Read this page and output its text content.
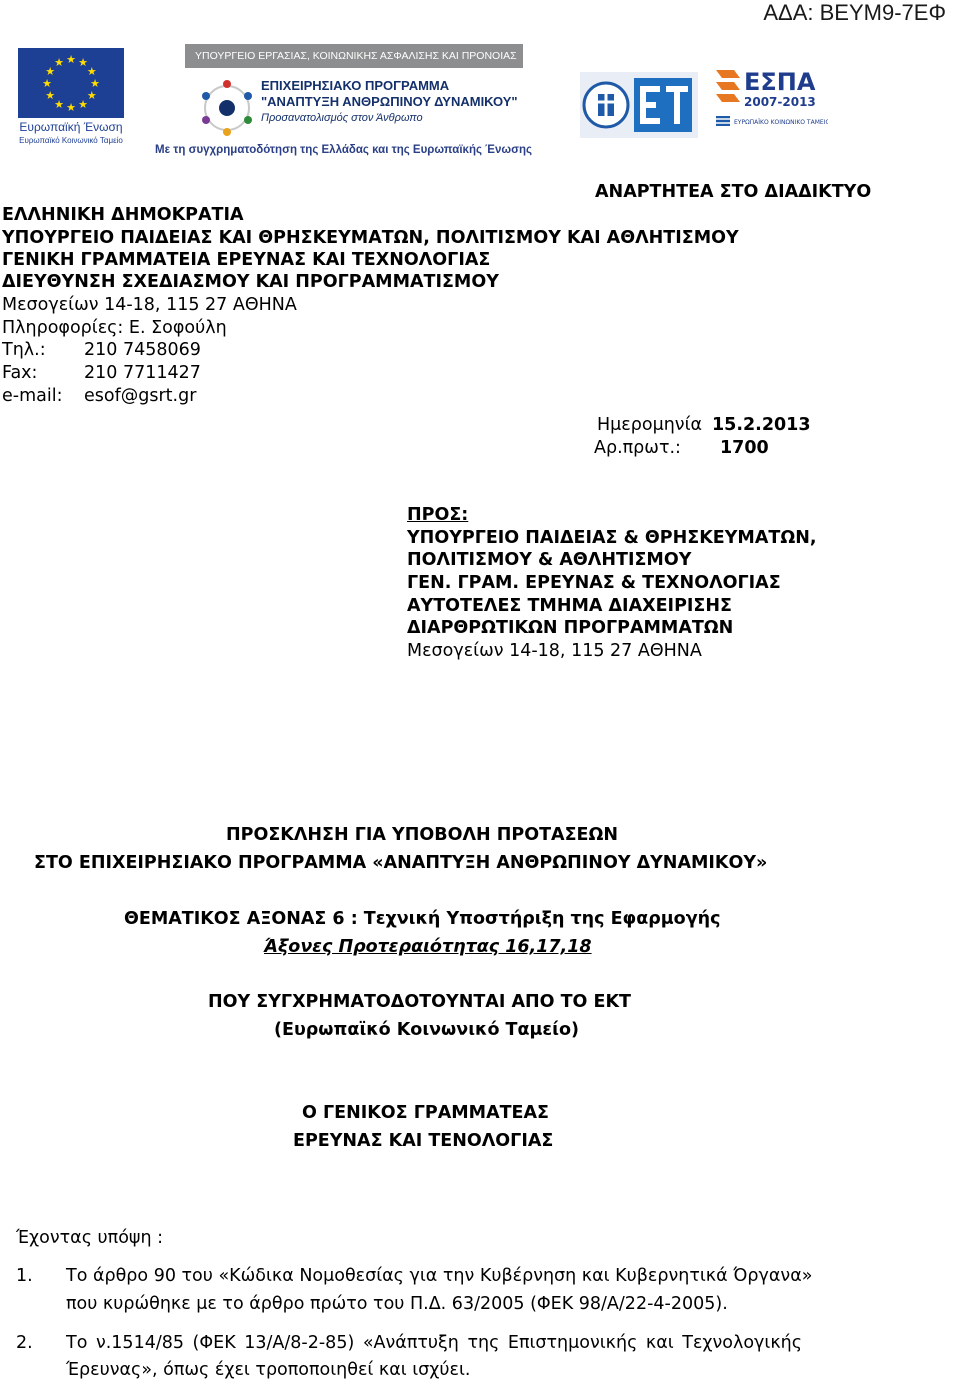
ΑΔΑ: ΒΕΥΜ9-7ΕΦ
★ ★
★
★
★
★
★
★
★
★
★
★
Ευρωπαϊκή Ένωση
Ευρωπαϊκό Κοινωνικό Ταμείο
ΥΠΟΥΡΓΕΙΟ ΕΡΓΑΣΙΑΣ, ΚΟΙΝΩΝΙΚΗΣ ΑΣΦΑΛΙΣΗΣ ΚΑΙ ΠΡΟΝΟΙΑΣ
ΕΠΙΧΕΙΡΗΣΙΑΚΟ ΠΡΟΓΡΑΜΜΑ
"ΑΝΑΠΤΥΞΗ ΑΝΘΡΩΠΙΝΟΥ ΔΥΝΑΜΙΚΟΥ"
Προσανατολισμός στον Άνθρωπο
Με τη συγχρηματοδότηση της Ελλάδας και της Ευρωπαϊκής Ένωσης
ΕΣΠΑ
2007-2013
ΕΥΡΩΠΑΪΚΟ ΚΟΙΝΩΝΙΚΟ ΤΑΜΕΙΟ
ΑΝΑΡΤΗΤΕΑ ΣΤΟ ΔΙΑΔΙΚΤΥΟ
ΕΛΛΗΝΙΚΗ ΔΗΜΟΚΡΑΤΙΑ
ΥΠΟΥΡΓΕΙΟ ΠΑΙΔΕΙΑΣ ΚΑΙ ΘΡΗΣΚΕΥΜΑΤΩΝ, ΠΟΛΙΤΙΣΜΟΥ ΚΑΙ ΑΘΛΗΤΙΣΜΟΥ
ΓΕΝΙΚΗ ΓΡΑΜΜΑΤΕΙΑ ΕΡΕΥΝΑΣ ΚΑΙ ΤΕΧΝΟΛΟΓΙΑΣ
ΔΙΕΥΘΥΝΣΗ ΣΧΕΔΙΑΣΜΟΥ ΚΑΙ ΠΡΟΓΡΑΜΜΑΤΙΣΜΟΥ
Μεσογείων 14-18, 115 27 ΑΘΗΝΑ
Πληροφορίες: Ε. Σοφούλη
Τηλ.: 210 7458069
Fax:	210 7711427
e-mail: esof@gsrt.gr
Ημερομηνία 15.2.2013
Αρ.πρωτ.: 1700
ΠΡΟΣ:
ΥΠΟΥΡΓΕΙΟ ΠΑΙΔΕΙΑΣ & ΘΡΗΣΚΕΥΜΑΤΩΝ,
ΠΟΛΙΤΙΣΜΟΥ & ΑΘΛΗΤΙΣΜΟΥ
ΓΕΝ. ΓΡΑΜ. ΕΡΕΥΝΑΣ & ΤΕΧΝΟΛΟΓΙΑΣ
ΑΥΤΟΤΕΛΕΣ ΤΜΗΜΑ ΔΙΑΧΕΙΡΙΣΗΣ
ΔΙΑΡΘΡΩΤΙΚΩΝ ΠΡΟΓΡΑΜΜΑΤΩΝ
Μεσογείων 14-18, 115 27 ΑΘΗΝΑ
ΠΡΟΣΚΛΗΣΗ ΓΙΑ ΥΠΟΒΟΛΗ ΠΡΟΤΑΣΕΩΝ
ΣΤΟ ΕΠΙΧΕΙΡΗΣΙΑΚΟ ΠΡΟΓΡΑΜΜΑ «ΑΝΑΠΤΥΞΗ ΑΝΘΡΩΠΙΝΟΥ ΔΥΝΑΜΙΚΟΥ»
ΘΕΜΑΤΙΚΟΣ ΑΞΟΝΑΣ 6 : Τεχνική Υποστήριξη της Εφαρμογής
Άξονες Προτεραιότητας 16,17,18
ΠΟΥ ΣΥΓΧΡΗΜΑΤΟΔΟΤΟΥΝΤΑΙ ΑΠΟ ΤΟ ΕΚΤ
(Ευρωπαϊκό Κοινωνικό Ταμείο)
Ο ΓΕΝΙΚΟΣ ΓΡΑΜΜΑΤΕΑΣ
ΕΡΕΥΝΑΣ ΚΑΙ ΤΕΝΟΛΟΓΙΑΣ
Έχοντας υπόψη :
1. Το άρθρο 90 του «Κώδικα Νομοθεσίας για την Κυβέρνηση και Κυβερνητικά Όργανα»
που κυρώθηκε με το άρθρο πρώτο του Π.Δ. 63/2005 (ΦΕΚ 98/Α/22-4-2005).
2. Το ν.1514/85 (ΦΕΚ 13/Α/8-2-85) «Ανάπτυξη της Επιστημονικής και Τεχνολογικής
Έρευνας», όπως έχει τροποποιηθεί και ισχύει.
